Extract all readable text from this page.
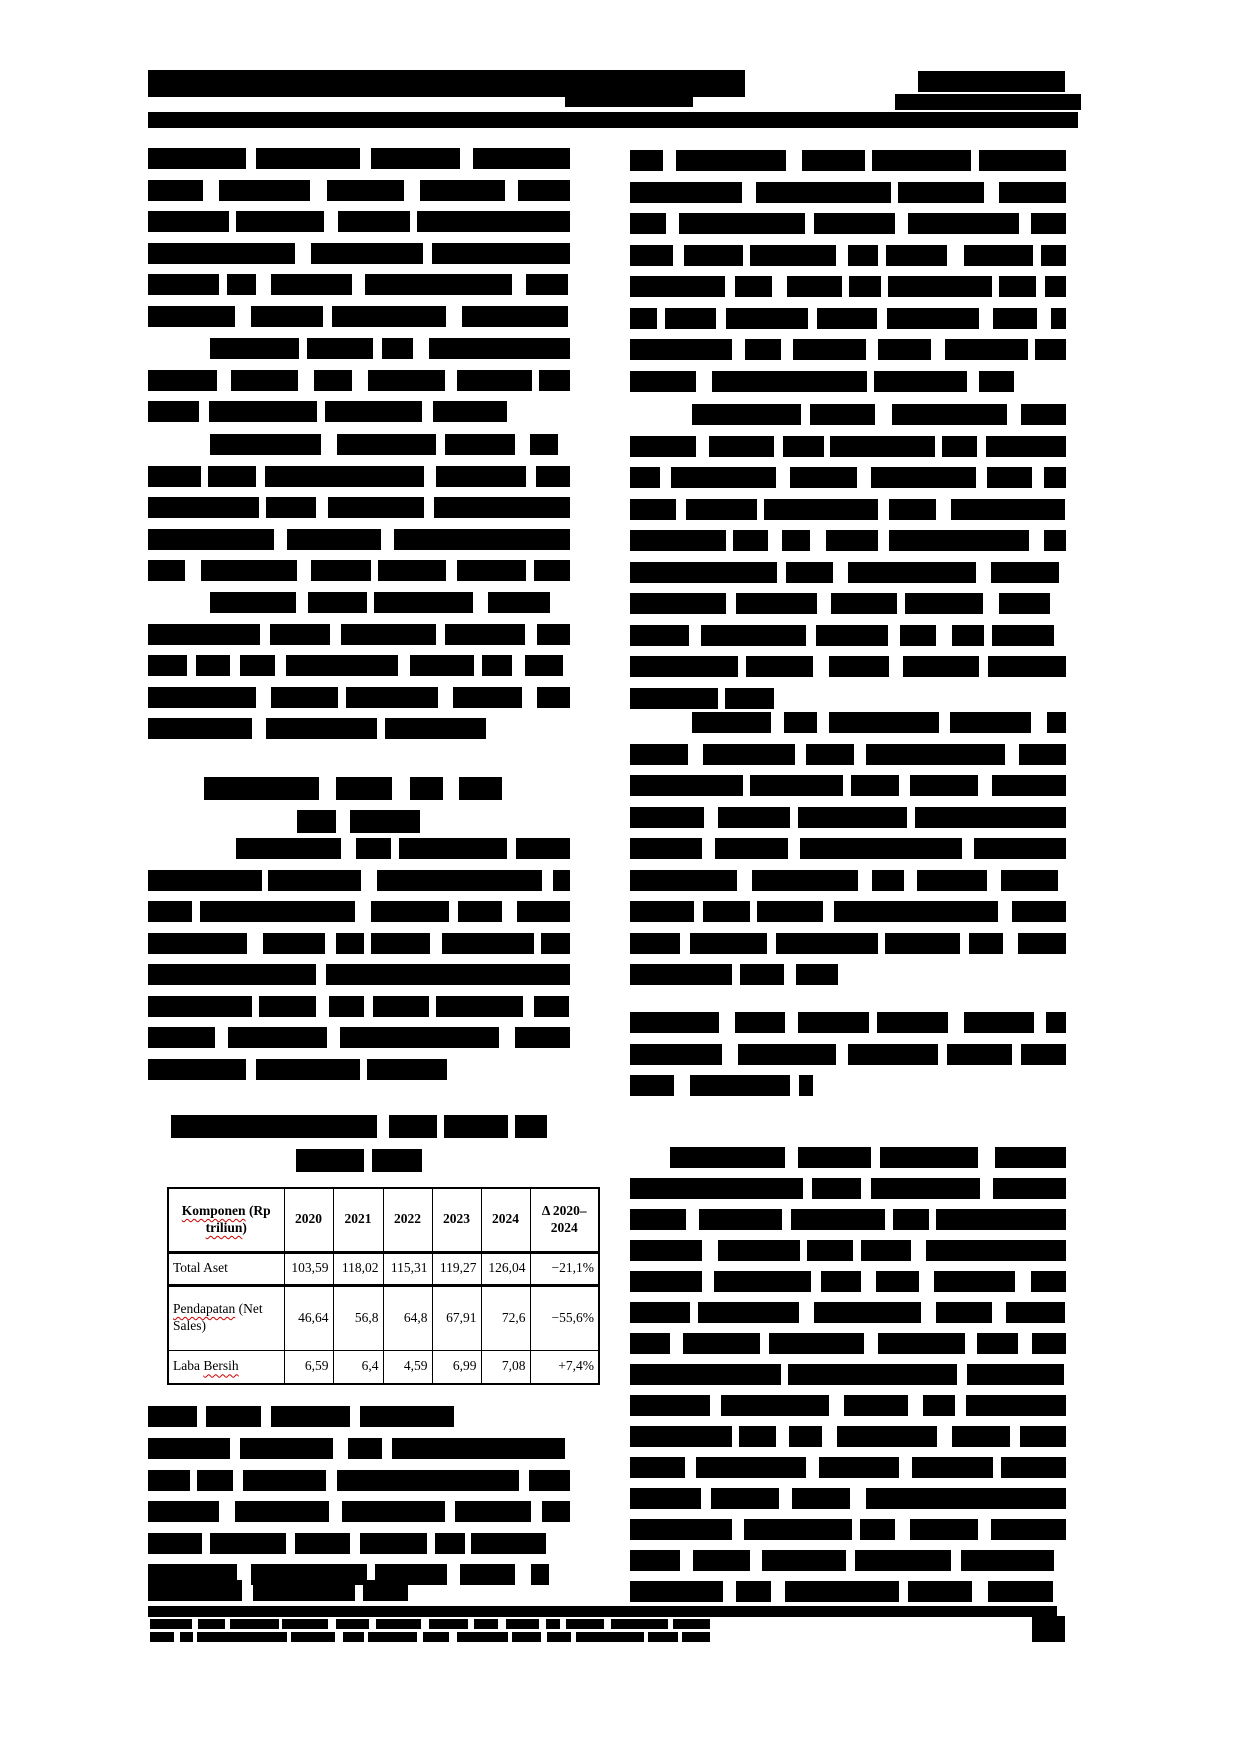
Komponen (Rp triliun)	2020	2021	2022	2023	2024	Δ 2020–2024
Total Aset	103,59	118,02	115,31	119,27	126,04	−21,1%
Pendapatan (Net Sales)	46,64	56,8	64,8	67,91	72,6	−55,6%
Laba Bersih	6,59	6,4	4,59	6,99	7,08	+7,4%
